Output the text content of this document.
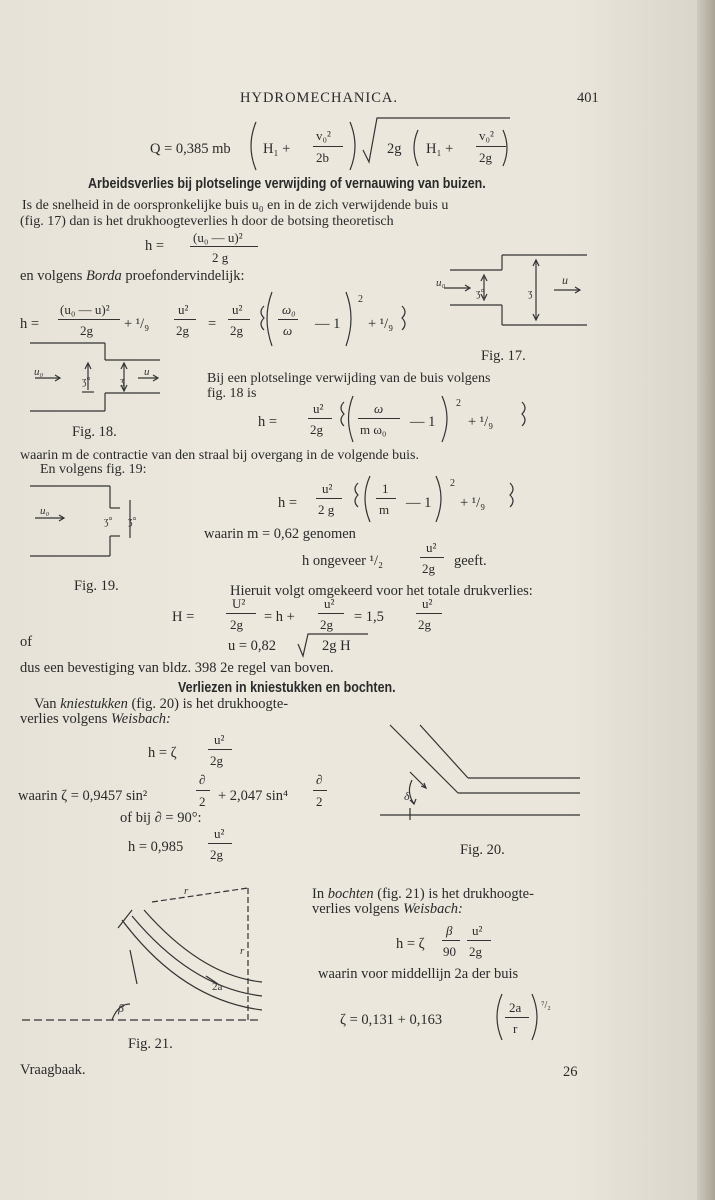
HYDROMECHANICA.	401
Q = 0,385 mb H₁ +
v₀²
2b
2g H₁ +
v₀²
2g
Arbeidsverlies bij plotselinge verwijding of vernauwing van buizen.
Is de snelheid in de oorspronkelijke buis u₀ en in de zich verwijdende buis u
(fig. 17) dan is het drukhoogteverlies h door de botsing theoretisch
h =
(u₀ — u)²
2 g
en volgens Borda proefondervindelijk:
h =
(u₀ — u)²
2g + ¹/₉
u²
2g =
u²
2g
ω₀
ω — 1
2
+ ¹/₉
u₀
ʒ°	ʒ
u
Fig. 17.
u₀
ʒ°	ʒ
u
Fig. 18.
Bij een plotselinge verwijding van de buis volgens
fig. 18 is
h =
u²
2g
ω
m ω₀ — 1
2
+ ¹/₉
waarin m de contractie van den straal bij overgang in de volgende buis.
En volgens fig. 19:
u₀
ʒ° ʒ°
Fig. 19.
h =
u²
2 g
1
m — 1
2
+ ¹/₉
waarin m = 0,62 genomen
h ongeveer ¹/₂
u²
2g geeft.
Hieruit volgt omgekeerd voor het totale drukverlies:
H =
U²
2g = h +
u²
2g = 1,5
u²
2g
of	u = 0,82	2g H
dus een bevestiging van bldz. 398 2e regel van boven.
Verliezen in kniestukken en bochten.
Van kniestukken (fig. 20) is het drukhoogte-
verlies volgens Weisbach:
h = ζ
u²
2g
waarin ζ = 0,9457 sin²
∂
2 + 2,047 sin⁴
∂
2
of bij ∂ = 90°:
h = 0,985
u²
2g
δ
Fig. 20.
r
r
2a
β
Fig. 21.
In bochten (fig. 21) is het drukhoogte-
verlies volgens Weisbach:
h = ζ
β
90
u²
2g
waarin voor middellijn 2a der buis
ζ = 0,131 + 0,163
2a
r
⁷/₂
Vraagbaak.	26
